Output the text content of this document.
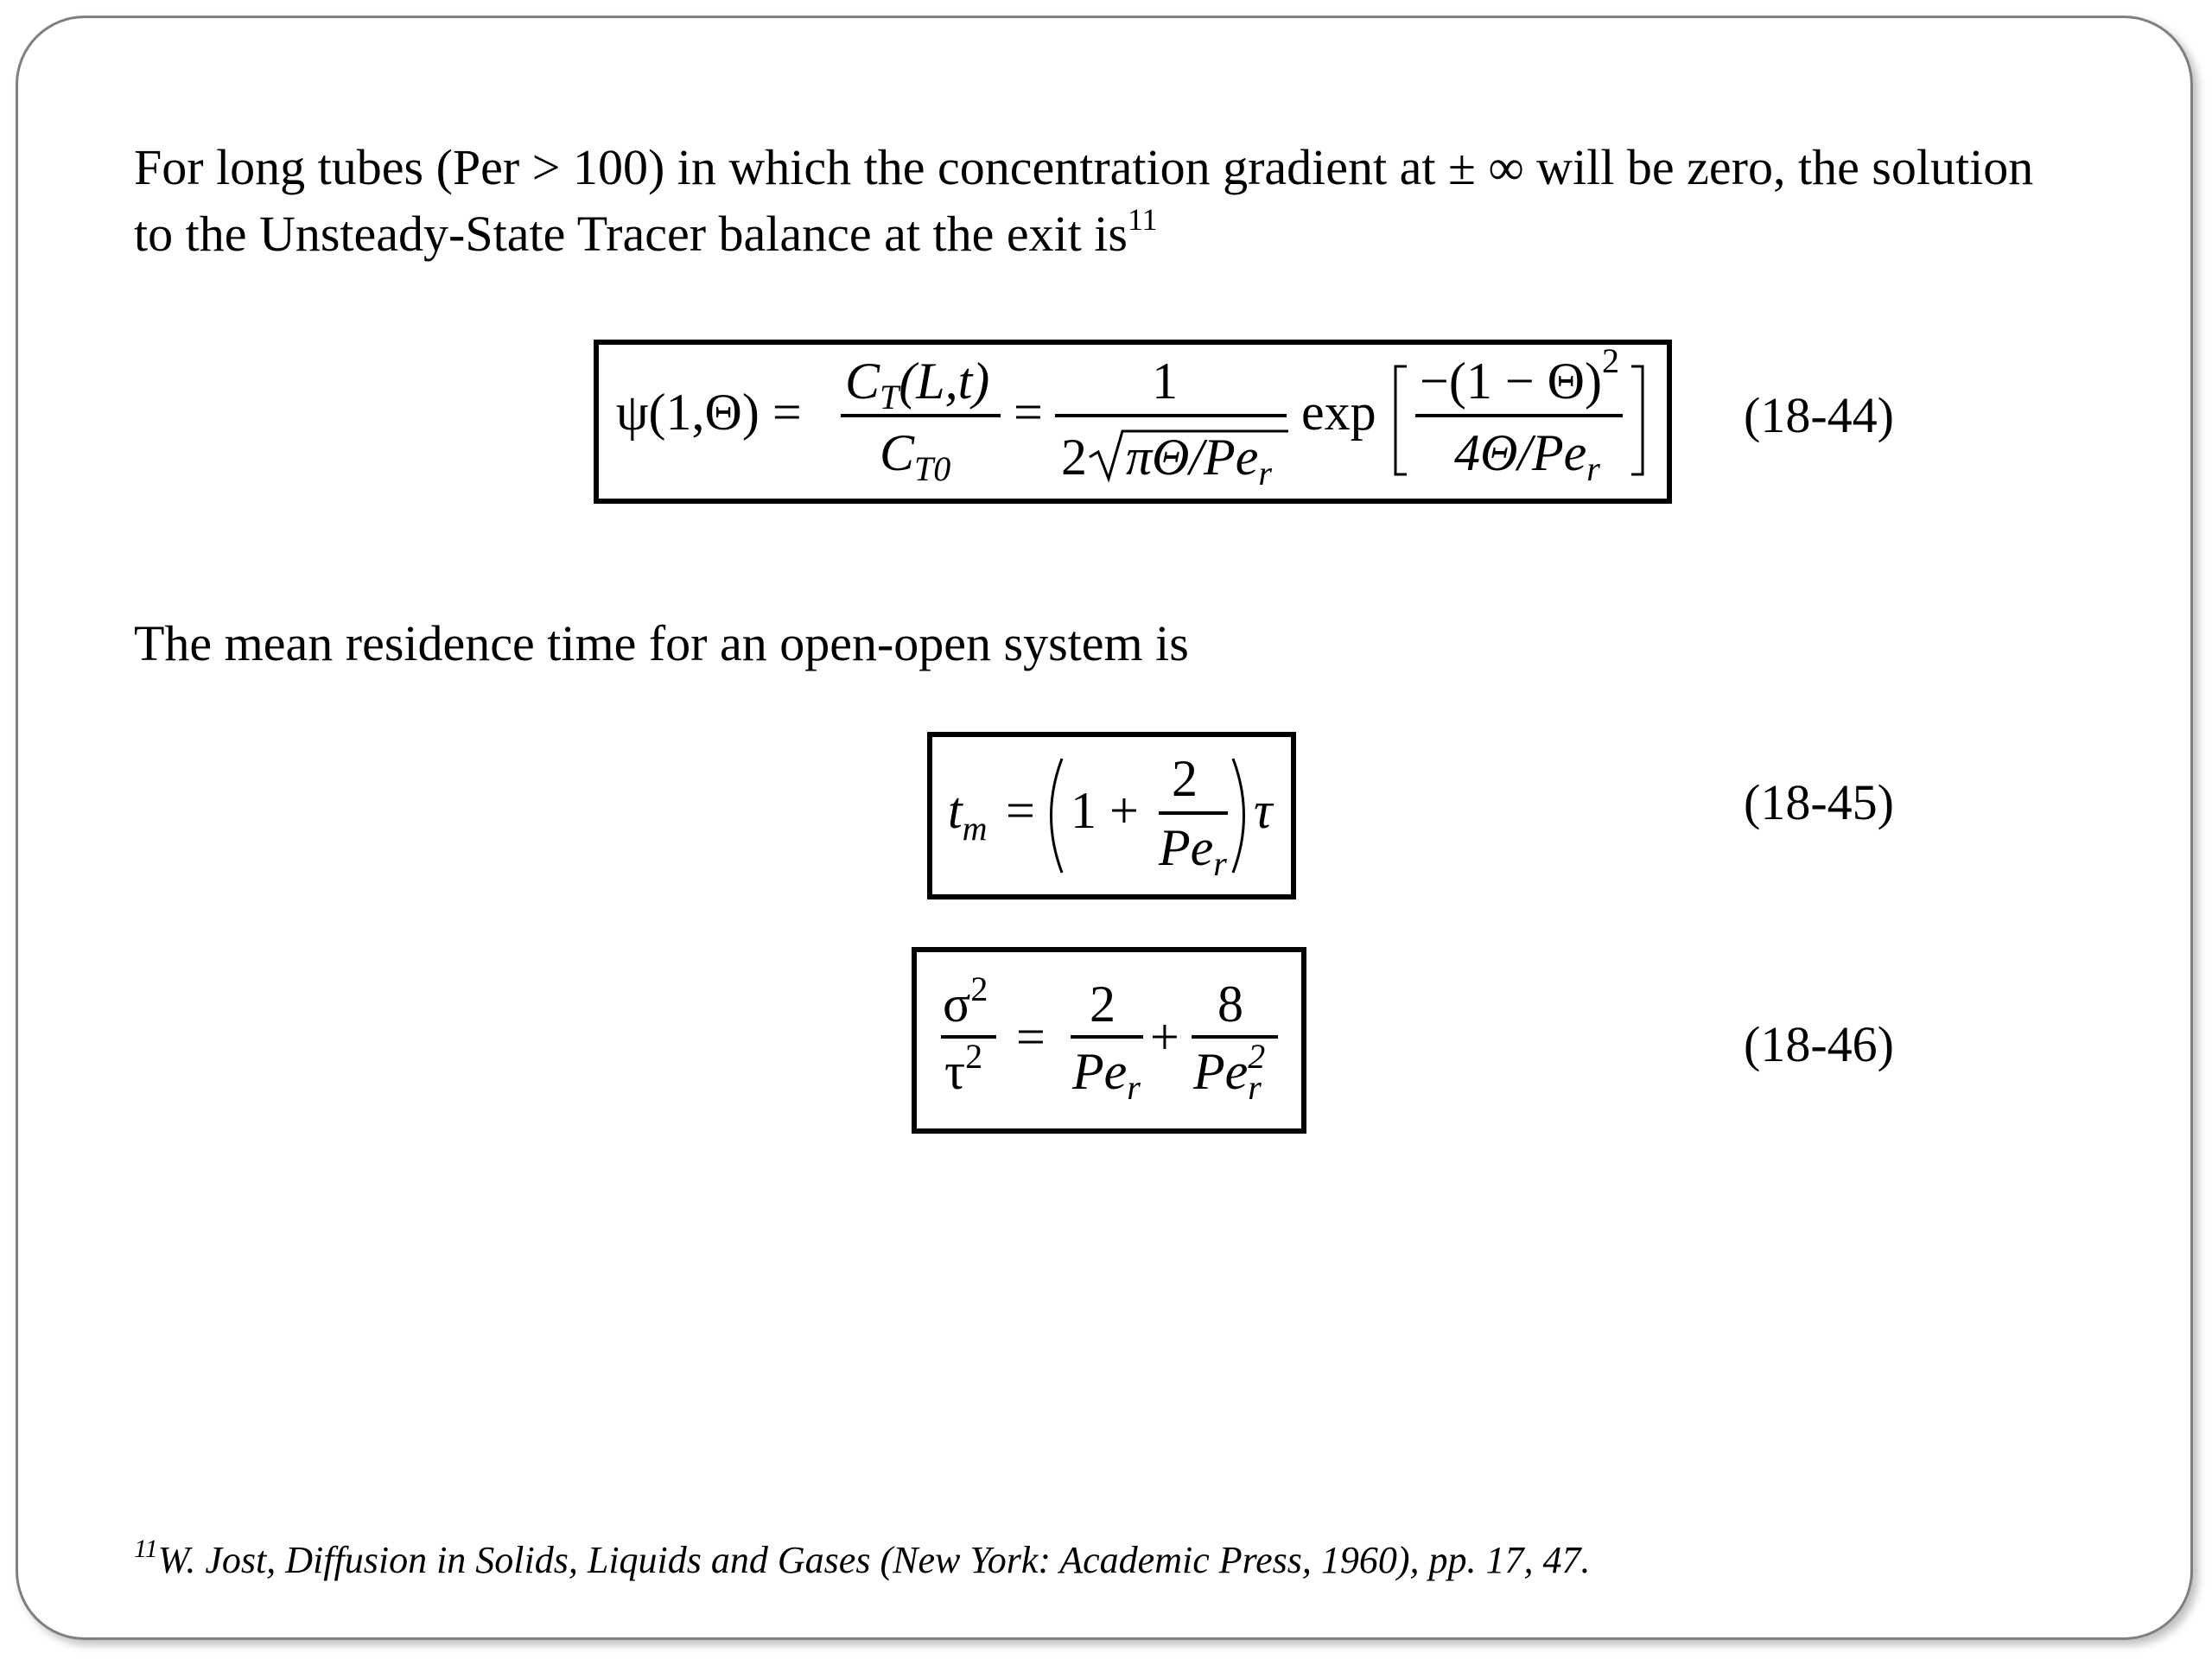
For long tubes (Per > 100) in which the concentration gradient at ± ∞ will be zero, the solution
to the Unsteady-State Tracer balance at the exit $is^{11}$
ψ(1,Θ) =
$C_T(L,t)$
$C_{T0}$
=
1
2 $\pi\Theta/Pe_r$
exp
$-(1 - \Theta)^2$
$4\Theta/Pe_r$
(18-44)
The mean residence time for an open-open system is
$t_m = 1$ +
2
$Pe_r$
τ	(18-45)
$\sigma^2$
$\tau^2$ =
2
$Pe_r$
+
8
Pe$^2$ r
(18-46)
$^{11}$W. Jost, Diffusion in Solids, Liquids and Gases (New York: Academic Press, 1960), pp. 17, 47.
